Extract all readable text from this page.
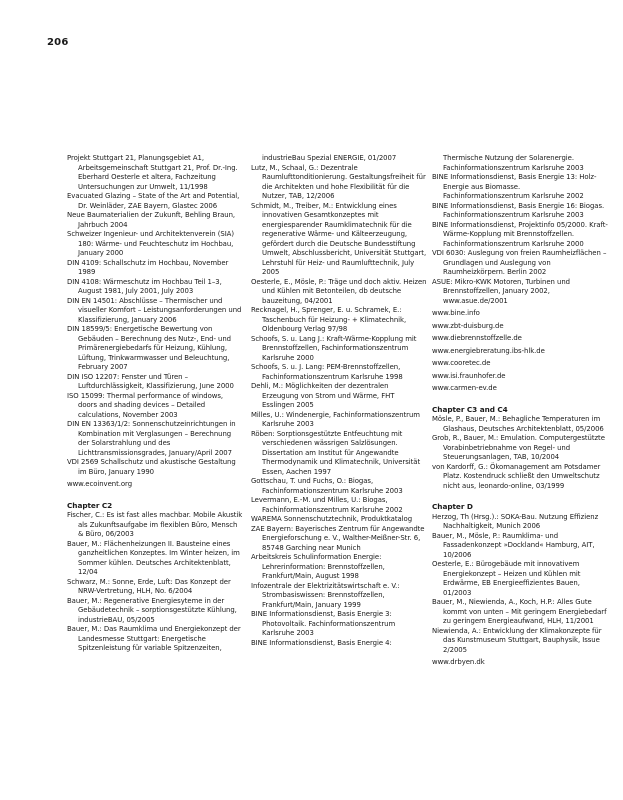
206

Projekt Stuttgart 21, Planungsgebiet A1, Arbeitsgemeinschaft Stuttgart 21, Prof. Dr.-Ing. Eberhard Oesterle et altera, Fachzeitung Untersuchungen zur Umwelt, 11/1998

Evacuated Glazing – State of the Art and Potential, Dr. Weinläder, ZAE Bayern, Glastec 2006

Neue Baumaterialien der Zukunft, Behling Braun, Jahrbuch 2004

Schweizer Ingenieur- und Architektenverein (SIA) 180: Wärme- und Feuchteschutz im Hochbau, January 2000

DIN 4109: Schallschutz im Hochbau, November 1989

DIN 4108: Wärmeschutz im Hochbau Teil 1–3, August 1981, July 2001, July 2003

DIN EN 14501: Abschlüsse – Thermischer und visueller Komfort – Leistungsanforderungen und Klassifizierung, January 2006

DIN 18599/5: Energetische Bewertung von Gebäuden – Berechnung des Nutz-, End- und Primärenergiebedarfs für Heizung, Kühlung, Lüftung, Trinkwarmwasser und Beleuchtung, February 2007

DIN ISO 12207: Fenster und Türen – Luftdurchlässigkeit, Klassifizierung, June 2000

ISO 15099: Thermal performance of windows, doors and shading devices – Detailed calculations, November 2003

DIN EN 13363/1/2: Sonnenschutzeinrichtungen in Kombination mit Verglasungen – Berechnung der Solarstrahlung und des Lichttransmissionsgrades, January/April 2007

VDI 2569 Schallschutz und akustische Gestaltung im Büro, January 1990

www.ecoinvent.org

Chapter C2

Fischer, C.: Es ist fast alles machbar. Mobile Akustik als Zukunftsaufgabe im flexiblen Büro, Mensch & Büro, 06/2003

Bauer, M.: Flächenheizungen II. Bausteine eines ganzheitlichen Konzeptes. Im Winter heizen, im Sommer kühlen. Deutsches Architektenblatt, 12/04

Schwarz, M.: Sonne, Erde, Luft: Das Konzept der NRW-Vertretung, HLH, No. 6/2004

Bauer, M.: Regenerative Energiesyteme in der Gebäudetechnik – sorptionsgestützte Kühlung, industrieBAU, 05/2005

Bauer, M.: Das Raumklima und Energiekonzept der Landesmesse Stuttgart: Energetische Spitzenleistung für variable Spitzenzeiten,

industrieBau Spezial ENERGIE, 01/2007

Lutz, M., Schaal, G.: Dezentrale Raumlufttonditionierung. Gestaltungsfreiheit für die Architekten und hohe Flexibilität für die Nutzer, TAB, 12/2006

Schmidt, M., Treiber, M.: Entwicklung eines innovativen Gesamtkonzeptes mit energiesparender Raumklimatechnik für die regenerative Wärme- und Kälteerzeugung, gefördert durch die Deutsche Bundesstiftung Umwelt, Abschlussbericht, Universität Stuttgart, Lehrstuhl für Heiz- und Raumlufttechnik, July 2005

Oesterle, E., Mösle, P.: Träge und doch aktiv. Heizen und Kühlen mit Betonteilen, db deutsche bauzeitung, 04/2001

Recknagel, H., Sprenger, E. u. Schramek, E.: Taschenbuch für Heizung- + Klimatechnik, Oldenbourg Verlag 97/98

Schoofs, S. u. Lang J.: Kraft-Wärme-Kopplung mit Brennstoffzellen, Fachinformationszentrum Karlsruhe 2000

Schoofs, S. u. J. Lang: PEM-Brennstoffzellen, Fachinformationszentrum Karlsruhe 1998

Dehli, M.: Möglichkeiten der dezentralen Erzeugung von Strom und Wärme, FHT Esslingen 2005

Milles, U.: Windenergie, Fachinformationszentrum Karlsruhe 2003

Röben: Sorptionsgestützte Entfeuchtung mit verschiedenen wässrigen Salzlösungen. Dissertation am Institut für Angewandte Thermodynamik und Klimatechnik, Universität Essen, Aachen 1997

Gottschau, T. und Fuchs, O.: Biogas, Fachinformationszentrum Karlsruhe 2003

Levermann, E.-M. und Milles, U.: Biogas, Fachinformationszentrum Karlsruhe 2002

WAREMA Sonnenschutztechnik, Produktkatalog

ZAE Bayern: Bayerisches Zentrum für Angewandte Energieforschung e. V., Walther-Meißner-Str. 6, 85748 Garching near Munich

Arbeitskreis Schulinformation Energie: Lehrerinformation: Brennstoffzellen, Frankfurt/Main, August 1998

Infozentrale der Elektrizitätswirtschaft e. V.: Strombasiswissen: Brennstoffzellen, Frankfurt/Main, January 1999

BINE Informationsdienst, Basis Energie 3: Photovoltaik. Fachinformationszentrum Karlsruhe 2003

BINE Informationsdienst, Basis Energie 4:

Thermische Nutzung der Solarenergie. Fachinformationszentrum Karlsruhe 2003

BINE Informationsdienst, Basis Energie 13: Holz-Energie aus Biomasse. Fachinformationszentrum Karlsruhe 2002

BINE Informationsdienst, Basis Energie 16: Biogas. Fachinformationszentrum Karlsruhe 2003

BINE Informationsdienst, Projektinfo 05/2000. Kraft-Wärme-Kopplung mit Brennstoffzellen. Fachinformationszentrum Karlsruhe 2000

VDI 6030: Auslegung von freien Raumheizflächen – Grundlagen und Auslegung von Raumheizkörpern. Berlin 2002

ASUE: Mikro-KWK Motoren, Turbinen und Brennstoffzellen, January 2002, www.asue.de/2001

www.bine.info

www.zbt-duisburg.de

www.diebrennstoffzelle.de

www.energiebreratung.ibs-hlk.de

www.cooretec.de

www.isi.fraunhofer.de

www.carmen-ev.de

Chapter C3 and C4

Mösle, P., Bauer, M.: Behagliche Temperaturen im Glashaus, Deutsches Architektenblatt, 05/2006

Grob, R., Bauer, M.: Emulation. Computergestützte Vorabinbetriebnahme von Regel- und Steuerungsanlagen, TAB, 10/2004

von Kardorff, G.: Ökomanagement am Potsdamer Platz. Kostendruck schließt den Umweltschutz nicht aus, leonardo-online, 03/1999

Chapter D

Herzog, Th (Hrsg.).: SOKA-Bau. Nutzung Effizienz Nachhaltigkeit, Munich 2006

Bauer, M., Mösle, P.: Raumklima- und Fassadenkonzept »Dockland« Hamburg, AIT, 10/2006

Oesterle, E.: Bürogebäude mit innovativem Energiekonzept – Heizen und Kühlen mit Erdwärme, EB Energieeffizientes Bauen, 01/2003

Bauer, M., Niewienda, A., Koch, H.P.: Alles Gute kommt von unten – Mit geringem Energiebedarf zu geringem Energieaufwand, HLH, 11/2001

Niewienda, A.: Entwicklung der Klimakonzepte für das Kunstmuseum Stuttgart, Bauphysik, Issue 2/2005

www.drbyen.dk
